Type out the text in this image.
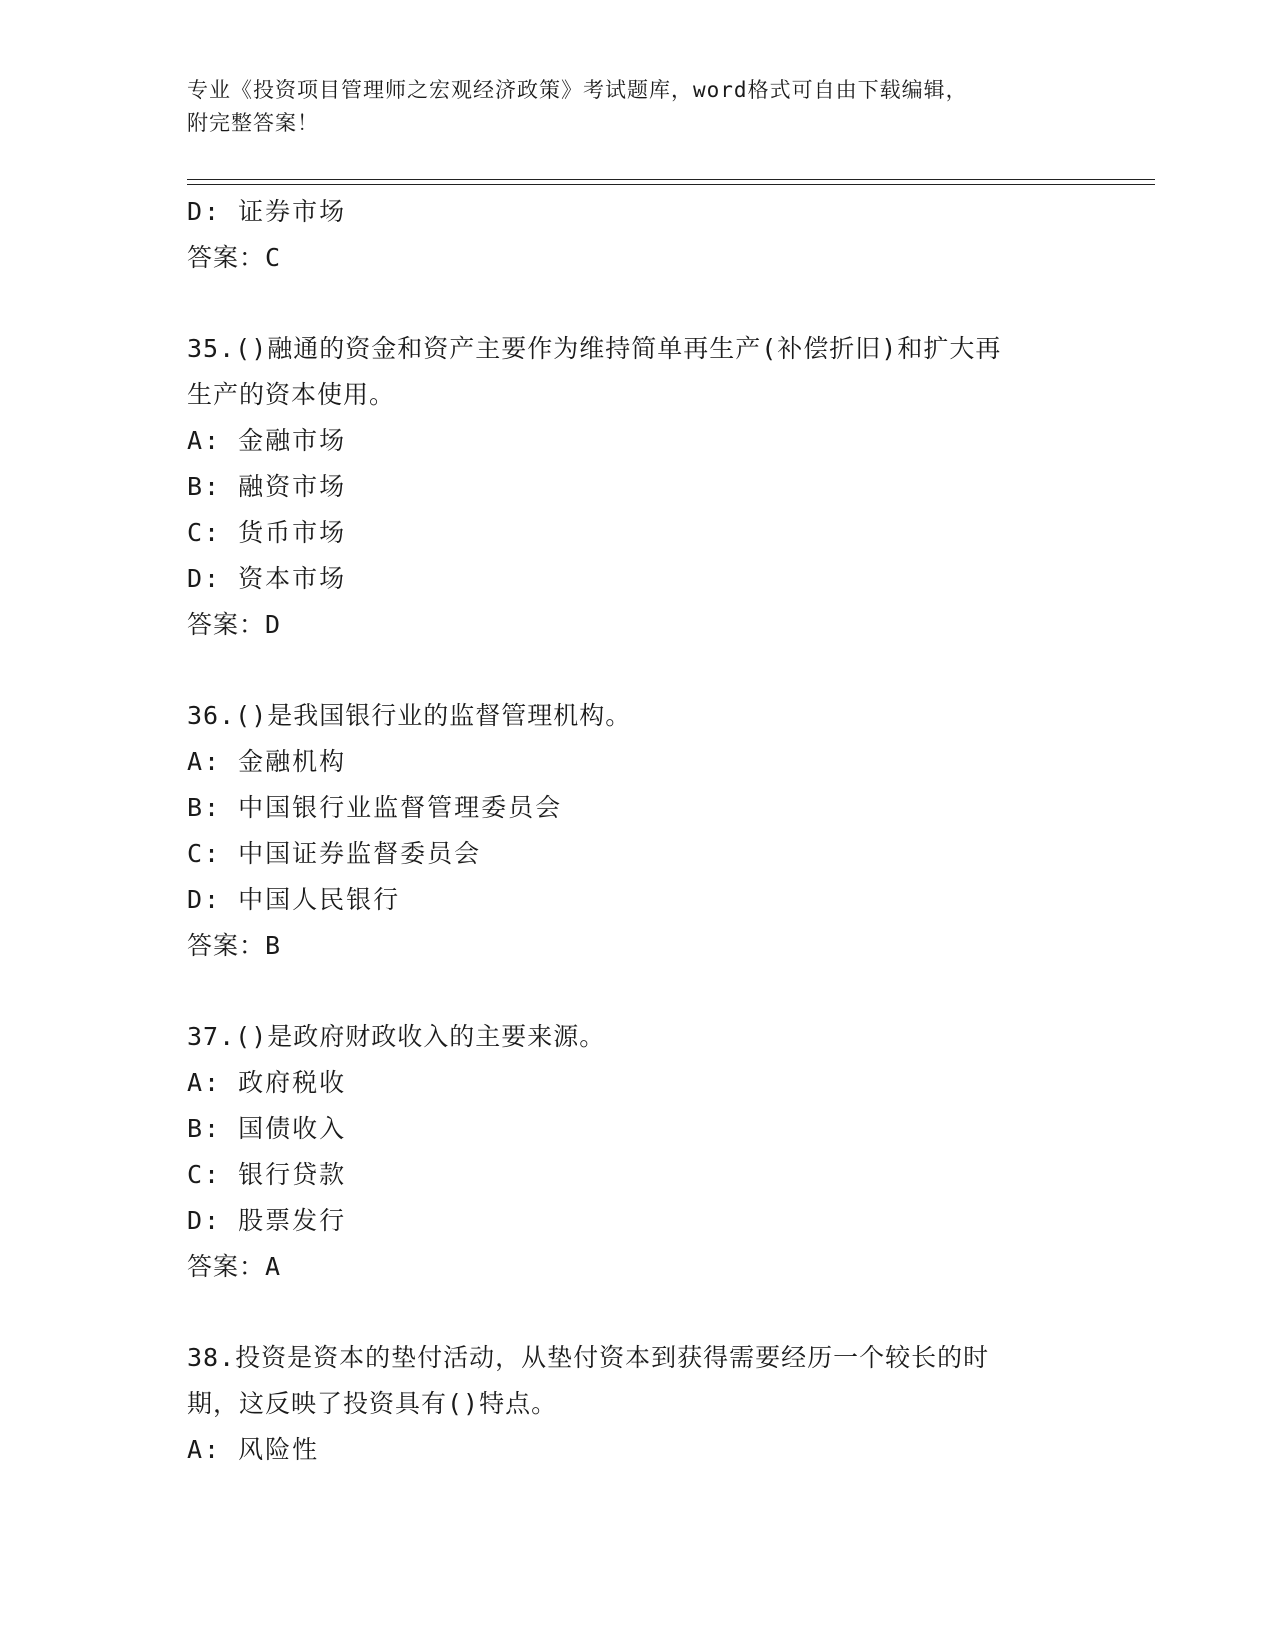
专业《投资项目管理师之宏观经济政策》考试题库，word格式可自由下载编辑，
附完整答案！
D: 证券市场
答案：C
35.()融通的资金和资产主要作为维持简单再生产(补偿折旧)和扩大再
生产的资本使用。
A: 金融市场
B: 融资市场
C: 货币市场
D: 资本市场
答案：D
36.()是我国银行业的监督管理机构。
A: 金融机构
B: 中国银行业监督管理委员会
C: 中国证券监督委员会
D: 中国人民银行
答案：B
37.()是政府财政收入的主要来源。
A: 政府税收
B: 国债收入
C: 银行贷款
D: 股票发行
答案：A
38.投资是资本的垫付活动，从垫付资本到获得需要经历一个较长的时
期，这反映了投资具有()特点。
A: 风险性
